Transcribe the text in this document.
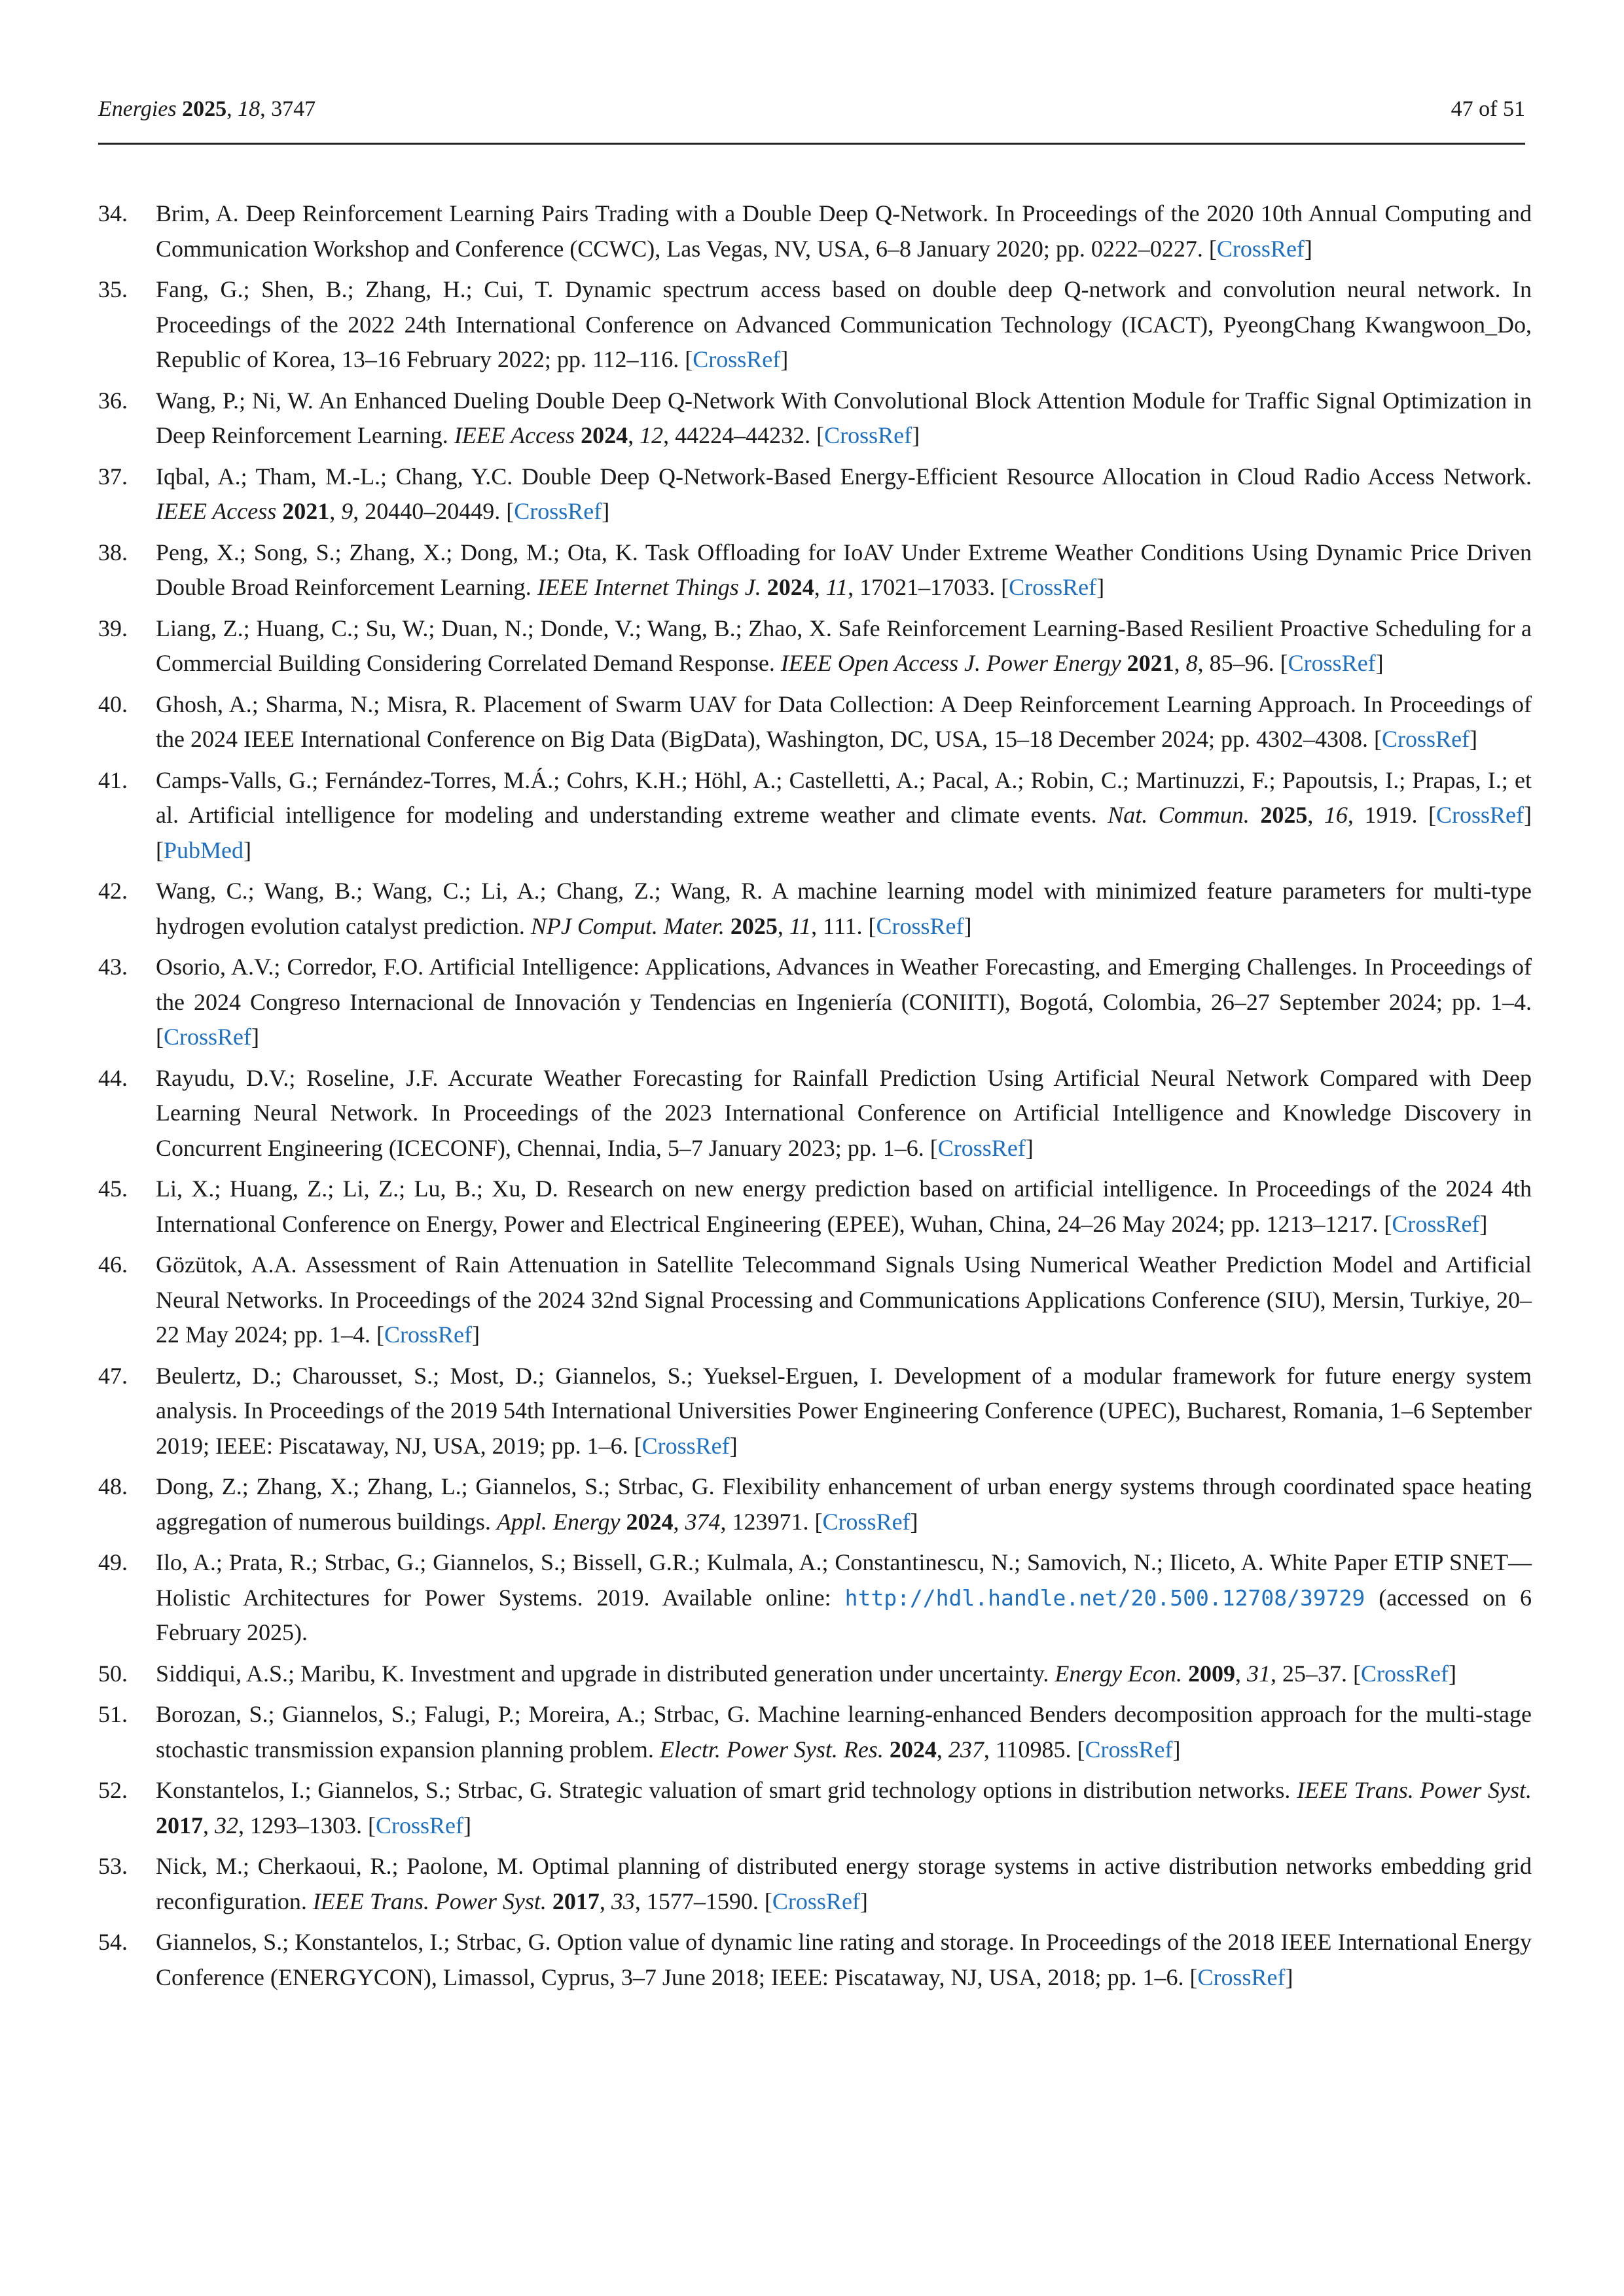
Energies 2025, 18, 3747	47 of 51
34. Brim, A. Deep Reinforcement Learning Pairs Trading with a Double Deep Q-Network. In Proceedings of the 2020 10th Annual Computing and Communication Workshop and Conference (CCWC), Las Vegas, NV, USA, 6–8 January 2020; pp. 0222–0227. [CrossRef]
35. Fang, G.; Shen, B.; Zhang, H.; Cui, T. Dynamic spectrum access based on double deep Q-network and convolution neural network. In Proceedings of the 2022 24th International Conference on Advanced Communication Technology (ICACT), PyeongChang Kwangwoon_Do, Republic of Korea, 13–16 February 2022; pp. 112–116. [CrossRef]
36. Wang, P.; Ni, W. An Enhanced Dueling Double Deep Q-Network With Convolutional Block Attention Module for Traffic Signal Optimization in Deep Reinforcement Learning. IEEE Access 2024, 12, 44224–44232. [CrossRef]
37. Iqbal, A.; Tham, M.-L.; Chang, Y.C. Double Deep Q-Network-Based Energy-Efficient Resource Allocation in Cloud Radio Access Network. IEEE Access 2021, 9, 20440–20449. [CrossRef]
38. Peng, X.; Song, S.; Zhang, X.; Dong, M.; Ota, K. Task Offloading for IoAV Under Extreme Weather Conditions Using Dynamic Price Driven Double Broad Reinforcement Learning. IEEE Internet Things J. 2024, 11, 17021–17033. [CrossRef]
39. Liang, Z.; Huang, C.; Su, W.; Duan, N.; Donde, V.; Wang, B.; Zhao, X. Safe Reinforcement Learning-Based Resilient Proactive Scheduling for a Commercial Building Considering Correlated Demand Response. IEEE Open Access J. Power Energy 2021, 8, 85–96. [CrossRef]
40. Ghosh, A.; Sharma, N.; Misra, R. Placement of Swarm UAV for Data Collection: A Deep Reinforcement Learning Approach. In Proceedings of the 2024 IEEE International Conference on Big Data (BigData), Washington, DC, USA, 15–18 December 2024; pp. 4302–4308. [CrossRef]
41. Camps-Valls, G.; Fernández-Torres, M.Á.; Cohrs, K.H.; Höhl, A.; Castelletti, A.; Pacal, A.; Robin, C.; Martinuzzi, F.; Papoutsis, I.; Prapas, I.; et al. Artificial intelligence for modeling and understanding extreme weather and climate events. Nat. Commun. 2025, 16, 1919. [CrossRef] [PubMed]
42. Wang, C.; Wang, B.; Wang, C.; Li, A.; Chang, Z.; Wang, R. A machine learning model with minimized feature parameters for multi-type hydrogen evolution catalyst prediction. NPJ Comput. Mater. 2025, 11, 111. [CrossRef]
43. Osorio, A.V.; Corredor, F.O. Artificial Intelligence: Applications, Advances in Weather Forecasting, and Emerging Challenges. In Proceedings of the 2024 Congreso Internacional de Innovación y Tendencias en Ingeniería (CONIITI), Bogotá, Colombia, 26–27 September 2024; pp. 1–4. [CrossRef]
44. Rayudu, D.V.; Roseline, J.F. Accurate Weather Forecasting for Rainfall Prediction Using Artificial Neural Network Compared with Deep Learning Neural Network. In Proceedings of the 2023 International Conference on Artificial Intelligence and Knowledge Discovery in Concurrent Engineering (ICECONF), Chennai, India, 5–7 January 2023; pp. 1–6. [CrossRef]
45. Li, X.; Huang, Z.; Li, Z.; Lu, B.; Xu, D. Research on new energy prediction based on artificial intelligence. In Proceedings of the 2024 4th International Conference on Energy, Power and Electrical Engineering (EPEE), Wuhan, China, 24–26 May 2024; pp. 1213–1217. [CrossRef]
46. Gözütok, A.A. Assessment of Rain Attenuation in Satellite Telecommand Signals Using Numerical Weather Prediction Model and Artificial Neural Networks. In Proceedings of the 2024 32nd Signal Processing and Communications Applications Conference (SIU), Mersin, Turkiye, 20–22 May 2024; pp. 1–4. [CrossRef]
47. Beulertz, D.; Charousset, S.; Most, D.; Giannelos, S.; Yueksel-Erguen, I. Development of a modular framework for future energy system analysis. In Proceedings of the 2019 54th International Universities Power Engineering Conference (UPEC), Bucharest, Romania, 1–6 September 2019; IEEE: Piscataway, NJ, USA, 2019; pp. 1–6. [CrossRef]
48. Dong, Z.; Zhang, X.; Zhang, L.; Giannelos, S.; Strbac, G. Flexibility enhancement of urban energy systems through coordinated space heating aggregation of numerous buildings. Appl. Energy 2024, 374, 123971. [CrossRef]
49. Ilo, A.; Prata, R.; Strbac, G.; Giannelos, S.; Bissell, G.R.; Kulmala, A.; Constantinescu, N.; Samovich, N.; Iliceto, A. White Paper ETIP SNET—Holistic Architectures for Power Systems. 2019. Available online: http://hdl.handle.net/20.500.12708/39729 (accessed on 6 February 2025).
50. Siddiqui, A.S.; Maribu, K. Investment and upgrade in distributed generation under uncertainty. Energy Econ. 2009, 31, 25–37. [CrossRef]
51. Borozan, S.; Giannelos, S.; Falugi, P.; Moreira, A.; Strbac, G. Machine learning-enhanced Benders decomposition approach for the multi-stage stochastic transmission expansion planning problem. Electr. Power Syst. Res. 2024, 237, 110985. [CrossRef]
52. Konstantelos, I.; Giannelos, S.; Strbac, G. Strategic valuation of smart grid technology options in distribution networks. IEEE Trans. Power Syst. 2017, 32, 1293–1303. [CrossRef]
53. Nick, M.; Cherkaoui, R.; Paolone, M. Optimal planning of distributed energy storage systems in active distribution networks embedding grid reconfiguration. IEEE Trans. Power Syst. 2017, 33, 1577–1590. [CrossRef]
54. Giannelos, S.; Konstantelos, I.; Strbac, G. Option value of dynamic line rating and storage. In Proceedings of the 2018 IEEE International Energy Conference (ENERGYCON), Limassol, Cyprus, 3–7 June 2018; IEEE: Piscataway, NJ, USA, 2018; pp. 1–6. [CrossRef]
